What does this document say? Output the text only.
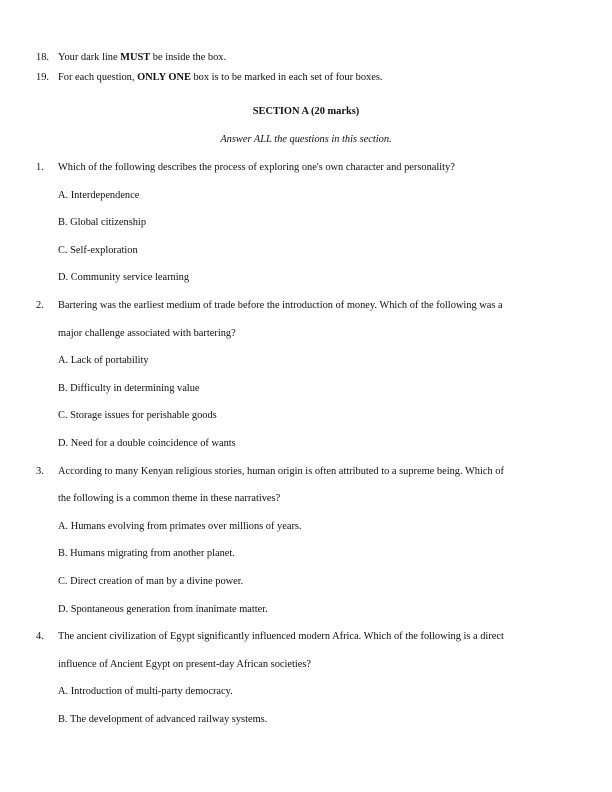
18. Your dark line MUST be inside the box.
19. For each question, ONLY ONE box is to be marked in each set of four boxes.
SECTION A (20 marks)
Answer ALL the questions in this section.
1. Which of the following describes the process of exploring one's own character and personality?
A. Interdependence
B. Global citizenship
C. Self-exploration
D. Community service learning
2. Bartering was the earliest medium of trade before the introduction of money. Which of the following was a
major challenge associated with bartering?
A. Lack of portability
B. Difficulty in determining value
C. Storage issues for perishable goods
D. Need for a double coincidence of wants
3. According to many Kenyan religious stories, human origin is often attributed to a supreme being. Which of
the following is a common theme in these narratives?
A. Humans evolving from primates over millions of years.
B. Humans migrating from another planet.
C. Direct creation of man by a divine power.
D. Spontaneous generation from inanimate matter.
4. The ancient civilization of Egypt significantly influenced modern Africa. Which of the following is a direct
influence of Ancient Egypt on present-day African societies?
A. Introduction of multi-party democracy.
B. The development of advanced railway systems.
